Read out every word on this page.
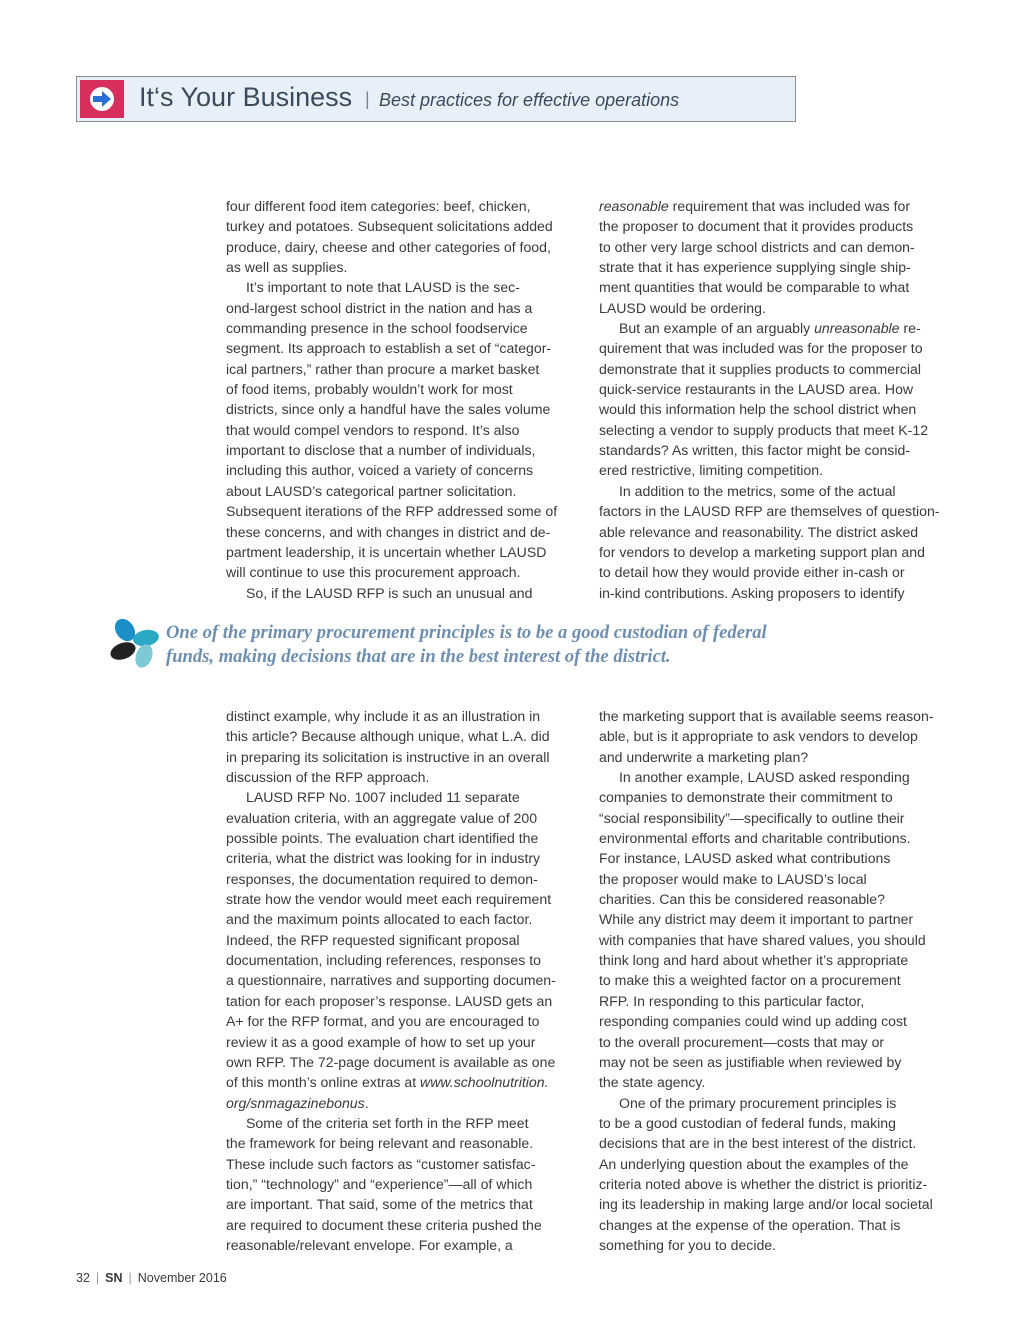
It‘s Your Business | Best practices for effective operations

four different food item categories: beef, chicken,

turkey and potatoes. Subsequent solicitations added

produce, dairy, cheese and other categories of food,

as well as supplies.

It’s important to note that LAUSD is the sec-

ond-largest school district in the nation and has a

commanding presence in the school foodservice

segment. Its approach to establish a set of “categor-

ical partners,” rather than procure a market basket

of food items, probably wouldn’t work for most

districts, since only a handful have the sales volume

that would compel vendors to respond. It’s also

important to disclose that a number of individuals,

including this author, voiced a variety of concerns

about LAUSD’s categorical partner solicitation.

Subsequent iterations of the RFP addressed some of

these concerns, and with changes in district and de-

partment leadership, it is uncertain whether LAUSD

will continue to use this procurement approach.

So, if the LAUSD RFP is such an unusual and

reasonable requirement that was included was for

the proposer to document that it provides products

to other very large school districts and can demon-

strate that it has experience supplying single ship-

ment quantities that would be comparable to what

LAUSD would be ordering.

But an example of an arguably unreasonable re-

quirement that was included was for the proposer to

demonstrate that it supplies products to commercial

quick-service restaurants in the LAUSD area. How

would this information help the school district when

selecting a vendor to supply products that meet K-12

standards? As written, this factor might be consid-

ered restrictive, limiting competition.

In addition to the metrics, some of the actual

factors in the LAUSD RFP are themselves of question-

able relevance and reasonability. The district asked

for vendors to develop a marketing support plan and

to detail how they would provide either in-cash or

in-kind contributions. Asking proposers to identify

One of the primary procurement principles is to be a good custodian of federal
funds, making decisions that are in the best interest of the district.

distinct example, why include it as an illustration in

this article? Because although unique, what L.A. did

in preparing its solicitation is instructive in an overall

discussion of the RFP approach.

LAUSD RFP No. 1007 included 11 separate

evaluation criteria, with an aggregate value of 200

possible points. The evaluation chart identified the

criteria, what the district was looking for in industry

responses, the documentation required to demon-

strate how the vendor would meet each requirement

and the maximum points allocated to each factor.

Indeed, the RFP requested significant proposal

documentation, including references, responses to

a questionnaire, narratives and supporting documen-

tation for each proposer’s response. LAUSD gets an

A+ for the RFP format, and you are encouraged to

review it as a good example of how to set up your

own RFP. The 72-page document is available as one

of this month’s online extras at www.schoolnutrition.

org/snmagazinebonus.

Some of the criteria set forth in the RFP meet

the framework for being relevant and reasonable.

These include such factors as “customer satisfac-

tion,” “technology” and “experience”—all of which

are important. That said, some of the metrics that

are required to document these criteria pushed the

reasonable/relevant envelope. For example, a

the marketing support that is available seems reason-

able, but is it appropriate to ask vendors to develop

and underwrite a marketing plan?

In another example, LAUSD asked responding

companies to demonstrate their commitment to

“social responsibility”—specifically to outline their

environmental efforts and charitable contributions.

For instance, LAUSD asked what contributions

the proposer would make to LAUSD’s local

charities. Can this be considered reasonable?

While any district may deem it important to partner

with companies that have shared values, you should

think long and hard about whether it’s appropriate

to make this a weighted factor on a procurement

RFP. In responding to this particular factor,

responding companies could wind up adding cost

to the overall procurement—costs that may or

may not be seen as justifiable when reviewed by

the state agency.

One of the primary procurement principles is

to be a good custodian of federal funds, making

decisions that are in the best interest of the district.

An underlying question about the examples of the

criteria noted above is whether the district is prioritiz-

ing its leadership in making large and/or local societal

changes at the expense of the operation. That is

something for you to decide.

32 | SN | November 2016
